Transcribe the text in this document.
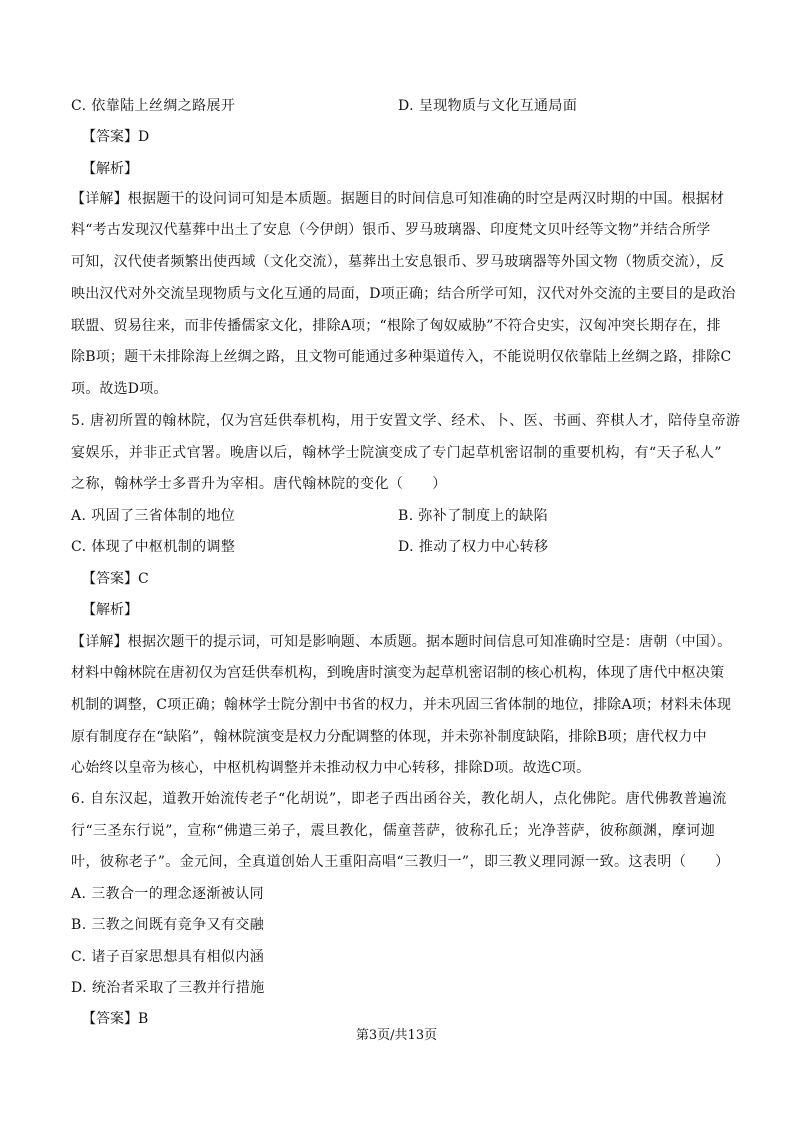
C. 依靠陆上丝绸之路展开	D. 呈现物质与文化互通局面
【答案】D
【解析】
【详解】根据题干的设问词可知是本质题。据题目的时间信息可知准确的时空是两汉时期的中国。根据材
料“考古发现汉代墓葬中出土了安息（今伊朗）银币、罗马玻璃器、印度梵文贝叶经等文物”并结合所学
可知，汉代使者频繁出使西域（文化交流），墓葬出土安息银币、罗马玻璃器等外国文物（物质交流），反
映出汉代对外交流呈现物质与文化互通的局面，D项正确；结合所学可知，汉代对外交流的主要目的是政治
联盟、贸易往来，而非传播儒家文化，排除A项；“根除了匈奴威胁”不符合史实，汉匈冲突长期存在，排
除B项；题干未排除海上丝绸之路，且文物可能通过多种渠道传入，不能说明仅依靠陆上丝绸之路，排除C
项。故选D项。
5. 唐初所置的翰林院，仅为宫廷供奉机构，用于安置文学、经术、卜、医、书画、弈棋人才，陪侍皇帝游
宴娱乐，并非正式官署。晚唐以后，翰林学士院演变成了专门起草机密诏制的重要机构，有“天子私人”
之称，翰林学士多晋升为宰相。唐代翰林院的变化（　　）
A. 巩固了三省体制的地位	B. 弥补了制度上的缺陷
C. 体现了中枢机制的调整	D. 推动了权力中心转移
【答案】C
【解析】
【详解】根据次题干的提示词，可知是影响题、本质题。据本题时间信息可知准确时空是：唐朝（中国）。
材料中翰林院在唐初仅为宫廷供奉机构，到晚唐时演变为起草机密诏制的核心机构，体现了唐代中枢决策
机制的调整，C项正确；翰林学士院分割中书省的权力，并未巩固三省体制的地位，排除A项；材料未体现
原有制度存在“缺陷”，翰林院演变是权力分配调整的体现，并未弥补制度缺陷，排除B项；唐代权力中
心始终以皇帝为核心，中枢机构调整并未推动权力中心转移，排除D项。故选C项。
6. 自东汉起，道教开始流传老子“化胡说”，即老子西出函谷关，教化胡人，点化佛陀。唐代佛教普遍流
行“三圣东行说”，宣称“佛遣三弟子，震旦教化，儒童菩萨，彼称孔丘；光净菩萨，彼称颜渊，摩诃迦
叶，彼称老子”。金元间，全真道创始人王重阳高唱“三教归一”，即三教义理同源一致。这表明（　　）
A. 三教合一的理念逐渐被认同
B. 三教之间既有竞争又有交融
C. 诸子百家思想具有相似内涵
D. 统治者采取了三教并行措施
【答案】B
第3页/共13页
